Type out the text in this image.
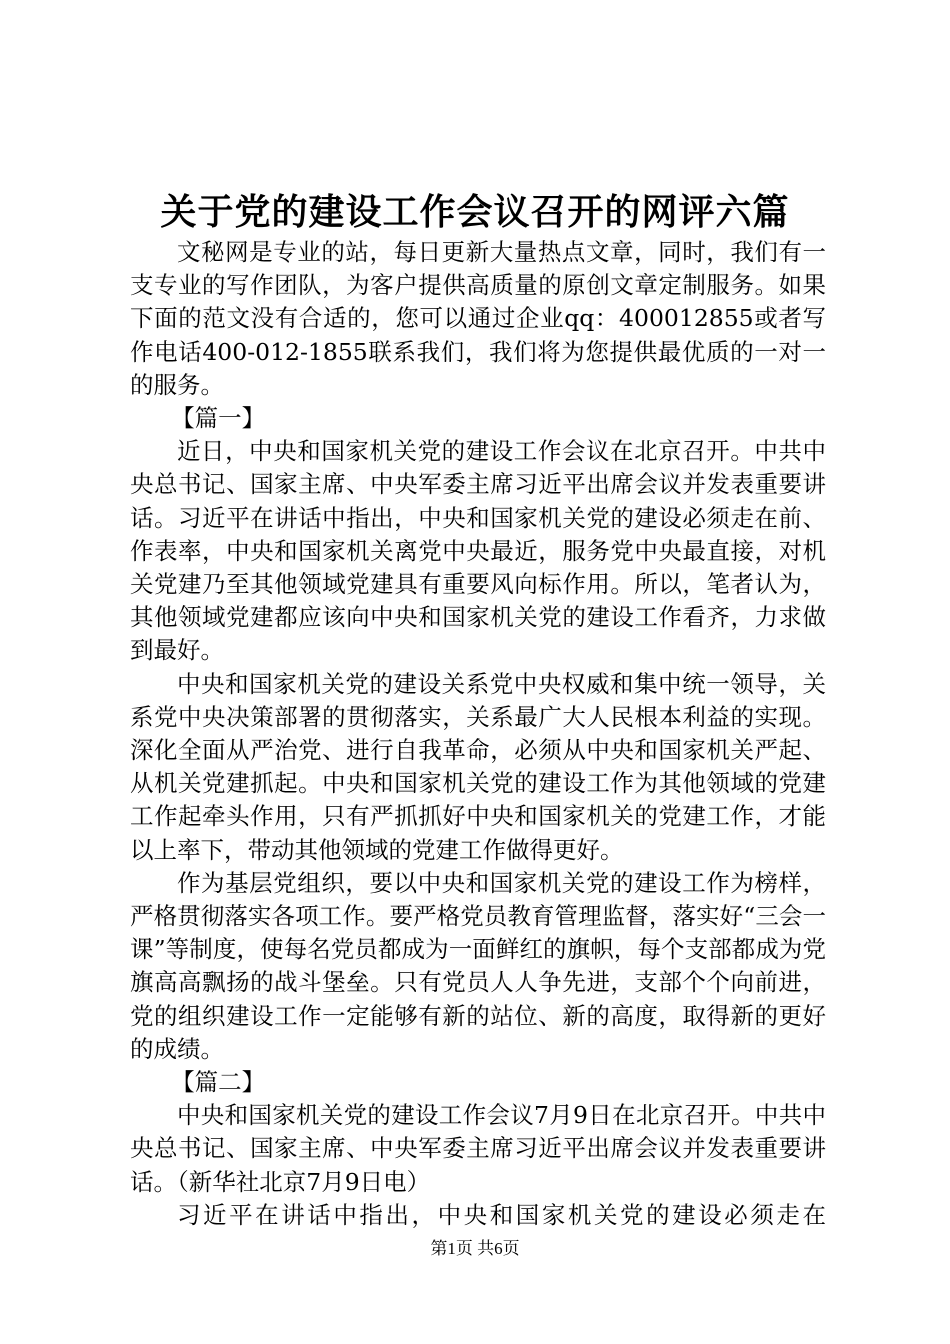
关于党的建设工作会议召开的网评六篇

文秘网是专业的站，每日更新大量热点文章，同时，我们有一支专业的写作团队，为客户提供高质量的原创文章定制服务。如果下面的范文没有合适的，您可以通过企业qq：400012855或者写作电话400-012-1855联系我们，我们将为您提供最优质的一对一的服务。

【篇一】

近日，中央和国家机关党的建设工作会议在北京召开。中共中央总书记、国家主席、中央军委主席习近平出席会议并发表重要讲话。习近平在讲话中指出，中央和国家机关党的建设必须走在前、作表率，中央和国家机关离党中央最近，服务党中央最直接，对机关党建乃至其他领域党建具有重要风向标作用。所以，笔者认为，其他领域党建都应该向中央和国家机关党的建设工作看齐，力求做到最好。

中央和国家机关党的建设关系党中央权威和集中统一领导，关系党中央决策部署的贯彻落实，关系最广大人民根本利益的实现。深化全面从严治党、进行自我革命，必须从中央和国家机关严起、从机关党建抓起。中央和国家机关党的建设工作为其他领域的党建工作起牵头作用，只有严抓抓好中央和国家机关的党建工作，才能以上率下，带动其他领域的党建工作做得更好。

作为基层党组织，要以中央和国家机关党的建设工作为榜样，严格贯彻落实各项工作。要严格党员教育管理监督，落实好“三会一课”等制度，使每名党员都成为一面鲜红的旗帜，每个支部都成为党旗高高飘扬的战斗堡垒。只有党员人人争先进，支部个个向前进，党的组织建设工作一定能够有新的站位、新的高度，取得新的更好的成绩。

【篇二】

中央和国家机关党的建设工作会议7月9日在北京召开。中共中央总书记、国家主席、中央军委主席习近平出席会议并发表重要讲话。（新华社北京7月9日电）

习近平在讲话中指出，中央和国家机关党的建设必须走在

第1页 共6页
